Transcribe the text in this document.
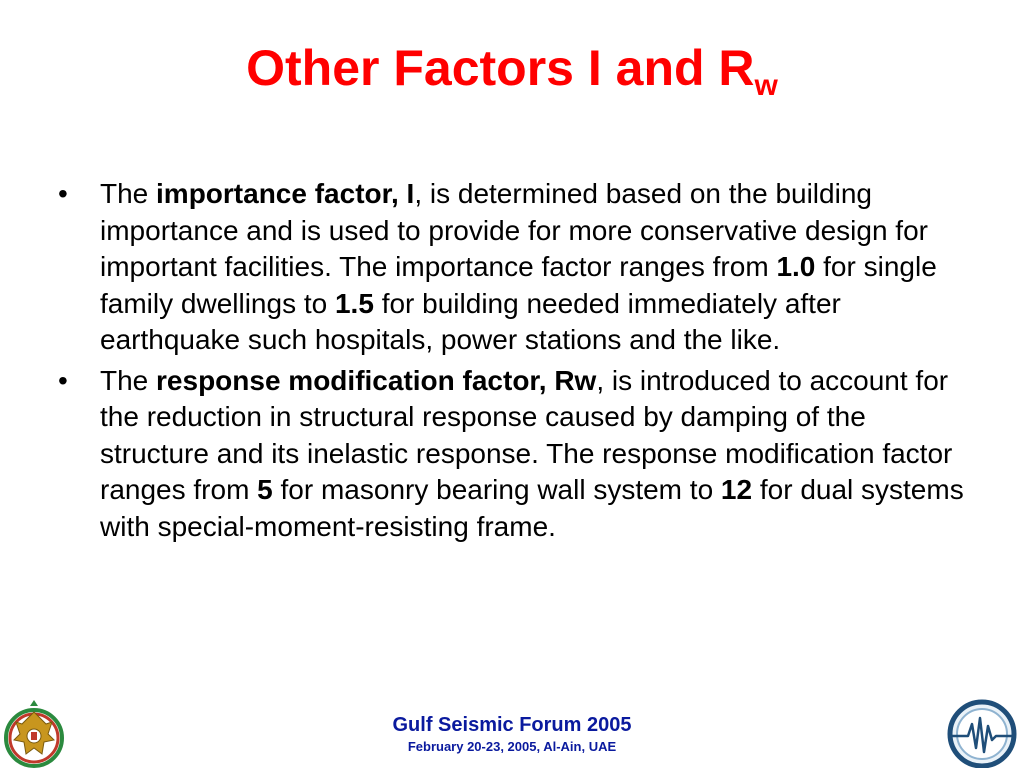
Other Factors I and $R_w$
•	The importance factor, I, is determined based on the building importance and is used to provide for more conservative design for important facilities. The importance factor ranges from 1.0 for single family dwellings to 1.5 for building needed immediately after earthquake such hospitals, power stations and the like.
•	The response modification factor, Rw, is introduced to account for the reduction in structural response caused by damping of the structure and its inelastic response. The response modification factor ranges from 5 for masonry bearing wall system to 12 for dual systems with special-moment-resisting frame.
Gulf Seismic Forum 2005
February 20-23, 2005, Al-Ain, UAE
